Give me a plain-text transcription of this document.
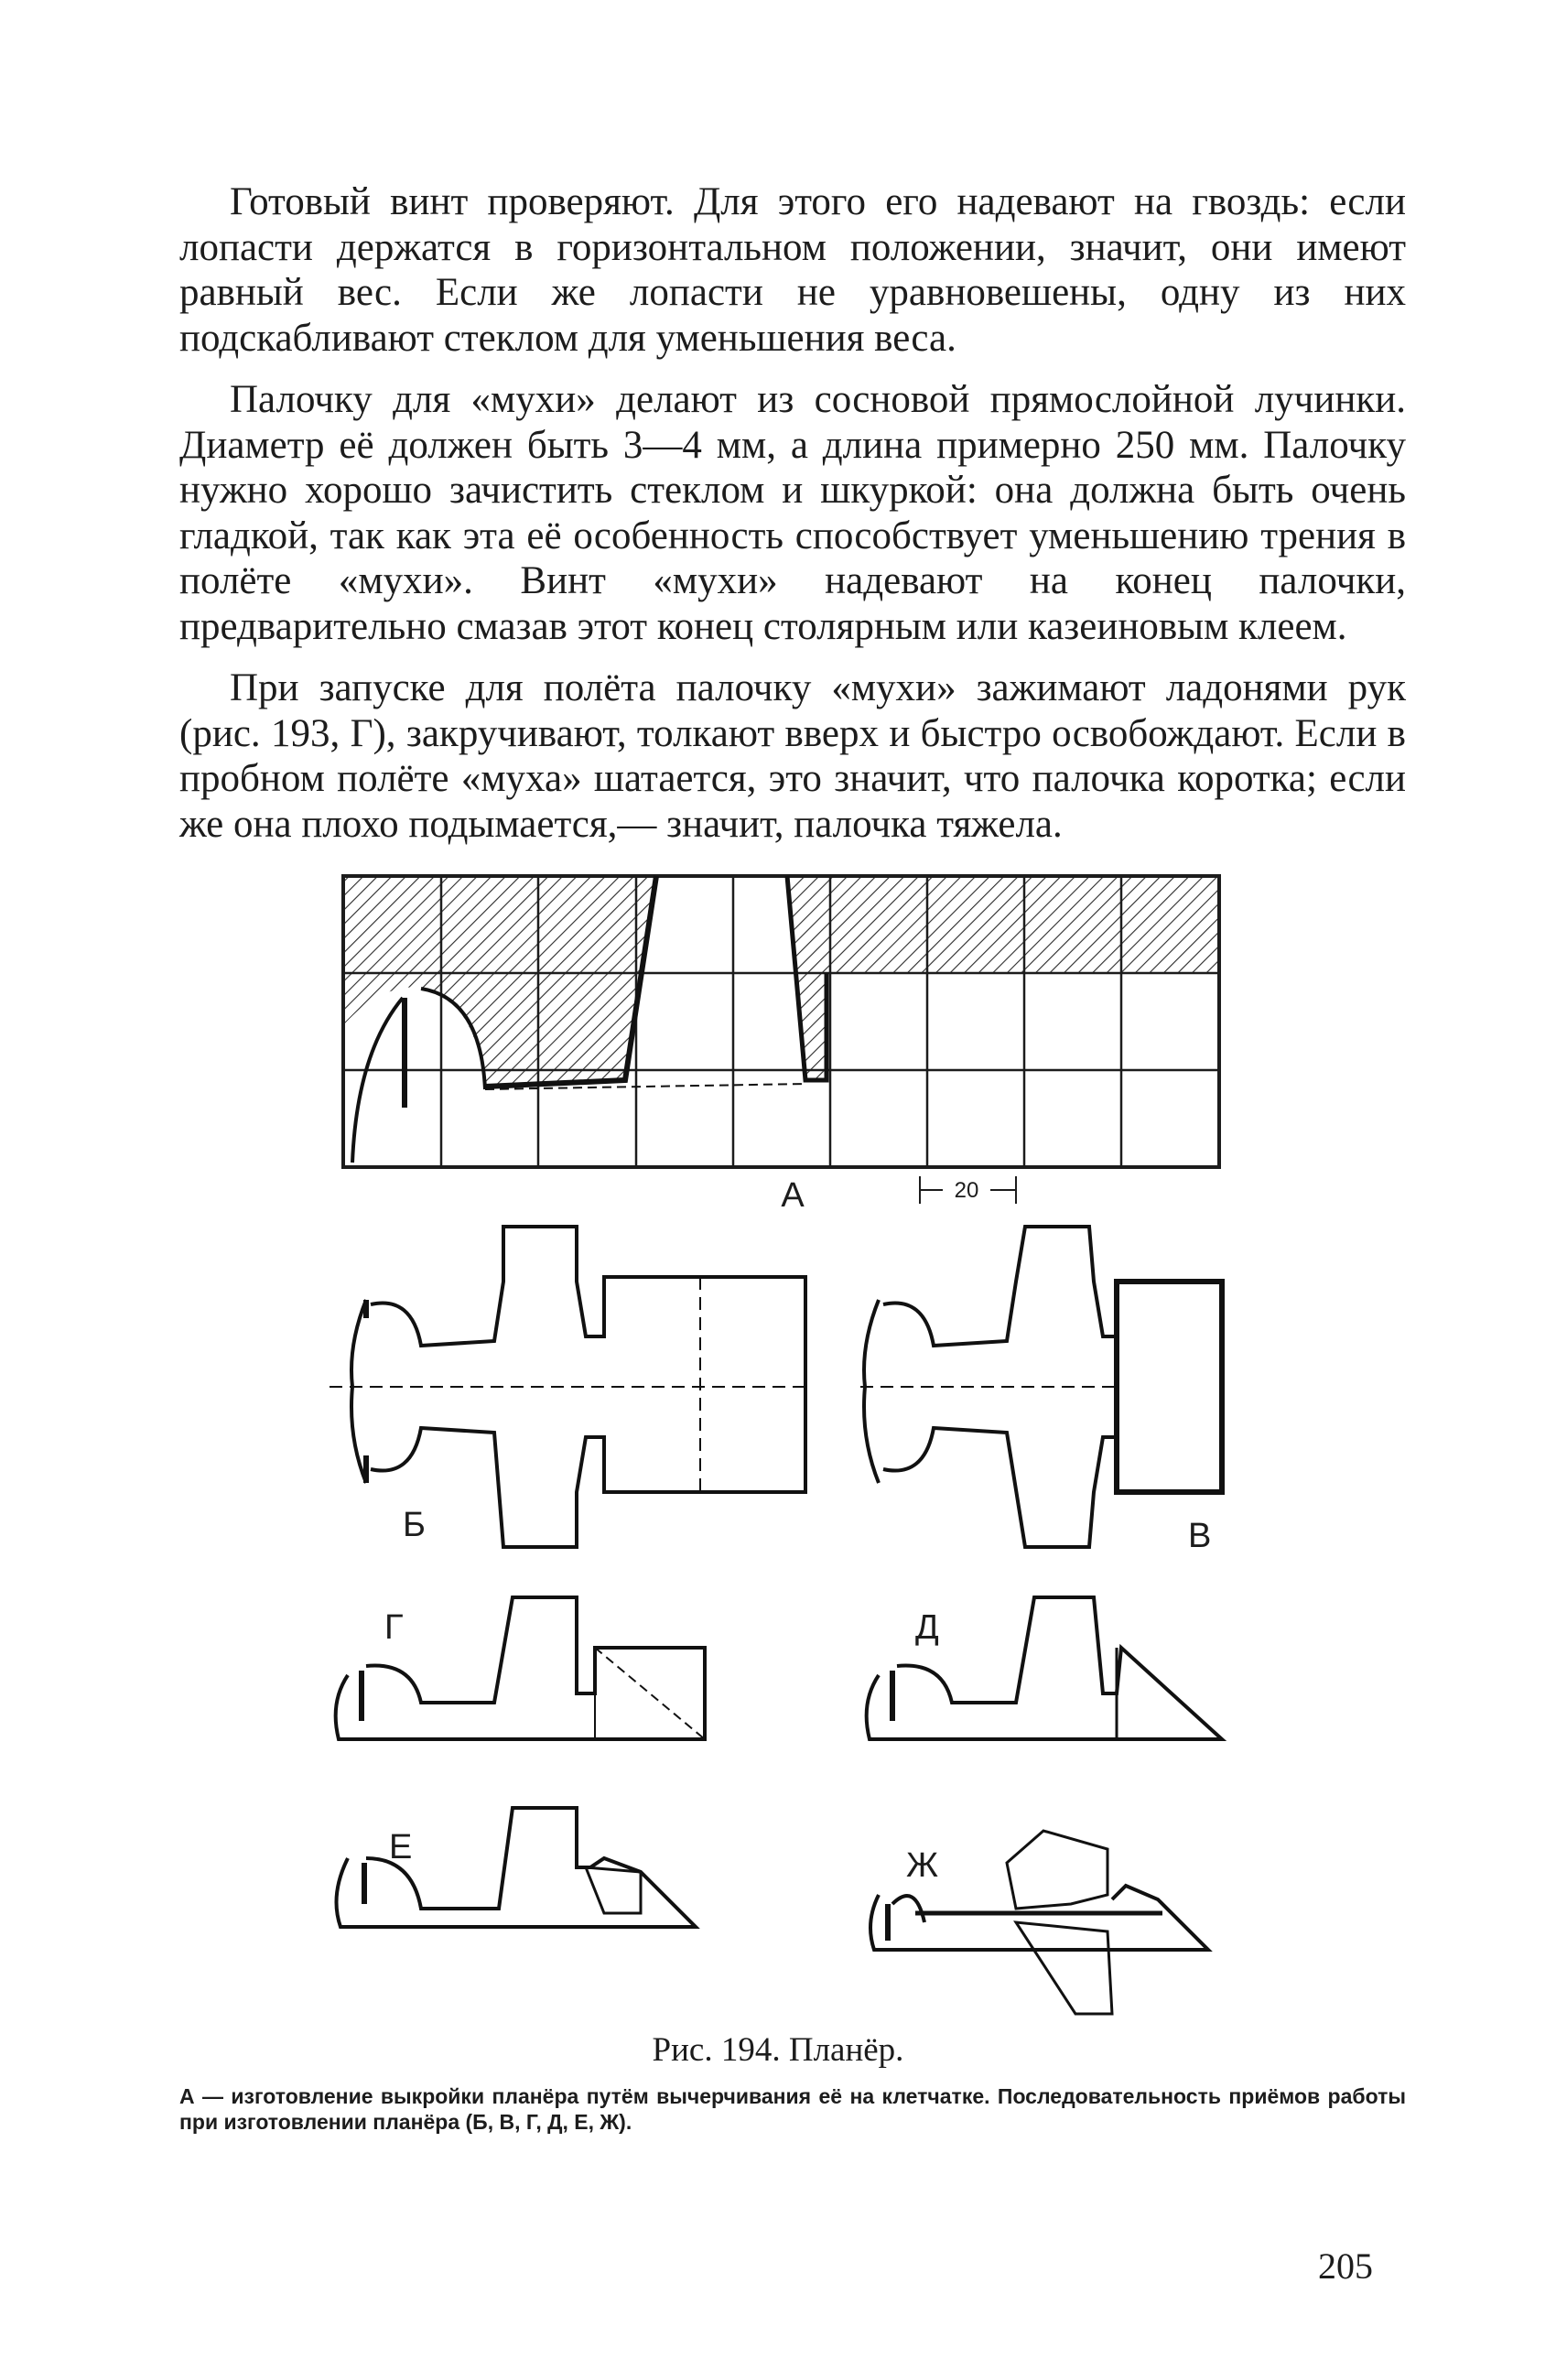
Готовый винт проверяют. Для этого его надевают на гвоздь: если лопасти держатся в горизонтальном положении, значит, они имеют равный вес. Если же лопасти не уравновешены, одну из них подскабливают стеклом для уменьшения веса.

Палочку для «мухи» делают из сосновой прямослойной лучинки. Диаметр её должен быть 3—4 мм, а длина примерно 250 мм. Палочку нужно хорошо зачистить стеклом и шкуркой: она должна быть очень гладкой, так как эта её особенность способствует уменьшению трения в полёте «мухи». Винт «мухи» надевают на конец палочки, предварительно смазав этот конец столярным или казеиновым клеем.

При запуске для полёта палочку «мухи» зажимают ладонями рук (рис. 193, Г), закручивают, толкают вверх и быстро освобождают. Если в пробном полёте «муха» шатается, это значит, что палочка коротка; если же она плохо подымается,— значит, палочка тяжела.

А	20
Б	В
Г	Д
Е	Ж
Рис. 194. Планёр.
А — изготовление выкройки планёра путём вычерчивания её на клетчатке. Последовательность приёмов работы при изготовлении планёра (Б, В, Г, Д, Е, Ж).
205
